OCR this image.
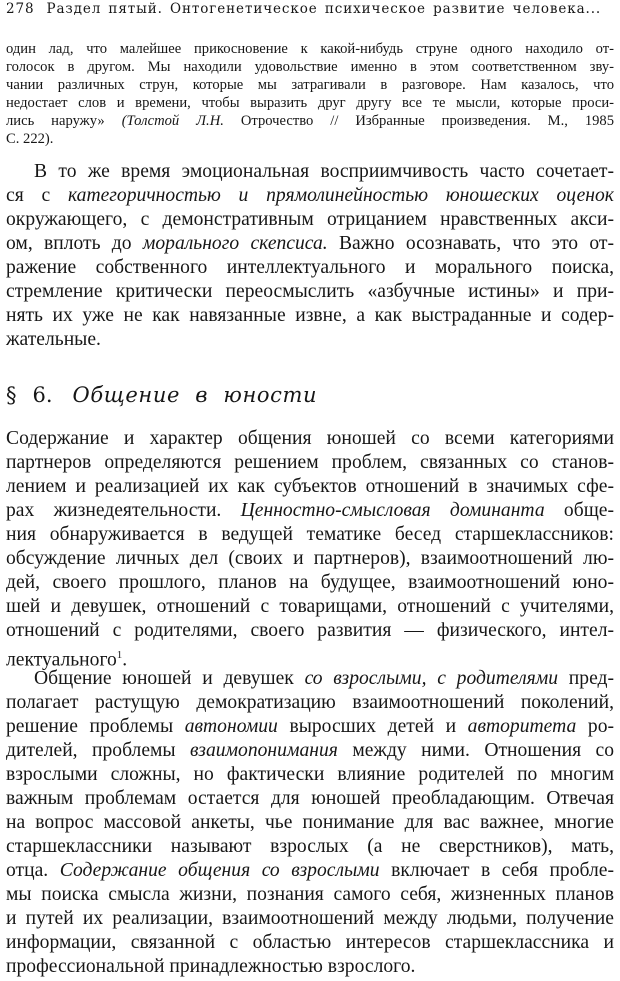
278 Раздел пятый. Онтогенетическое психическое развитие человека...
один лад, что малейшее прикосновение к какой-нибудь струне одного находило от-
голосок в другом. Мы находили удовольствие именно в этом соответственном зву-
чании различных струн, которые мы затрагивали в разговоре. Нам казалось, что
недостает слов и времени, чтобы выразить друг другу все те мысли, которые проси-
лись наружу» (Толстой Л.Н. Отрочество // Избранные произведения. М., 1985
С. 222).
В то же время эмоциональная восприимчивость часто сочетает-
ся с категоричностью и прямолинейностью юношеских оценок
окружающего, с демонстративным отрицанием нравственных акси-
ом, вплоть до морального скепсиса. Важно осознавать, что это от-
ражение собственного интеллектуального и морального поиска,
стремление критически переосмыслить «азбучные истины» и при-
нять их уже не как навязанные извне, а как выстраданные и содер-
жательные.
§ 6. Общение в юности
Содержание и характер общения юношей со всеми категориями
партнеров определяются решением проблем, связанных со станов-
лением и реализацией их как субъектов отношений в значимых сфе-
рах жизнедеятельности. Ценностно-смысловая доминанта обще-
ния обнаруживается в ведущей тематике бесед старшеклассников:
обсуждение личных дел (своих и партнеров), взаимоотношений лю-
дей, своего прошлого, планов на будущее, взаимоотношений юно-
шей и девушек, отношений с товарищами, отношений с учителями,
отношений с родителями, своего развития — физического, интел-
лектуального$^1$.
Общение юношей и девушек со взрослыми, с родителями пред-
полагает растущую демократизацию взаимоотношений поколений,
решение проблемы автономии выросших детей и авторитета ро-
дителей, проблемы взаимопонимания между ними. Отношения со
взрослыми сложны, но фактически влияние родителей по многим
важным проблемам остается для юношей преобладающим. Отвечая
на вопрос массовой анкеты, чье понимание для вас важнее, многие
старшеклассники называют взрослых (а не сверстников), мать,
отца. Содержание общения со взрослыми включает в себя пробле-
мы поиска смысла жизни, познания самого себя, жизненных планов
и путей их реализации, взаимоотношений между людьми, получение
информации, связанной с областью интересов старшеклассника и
профессиональной принадлежностью взрослого.
